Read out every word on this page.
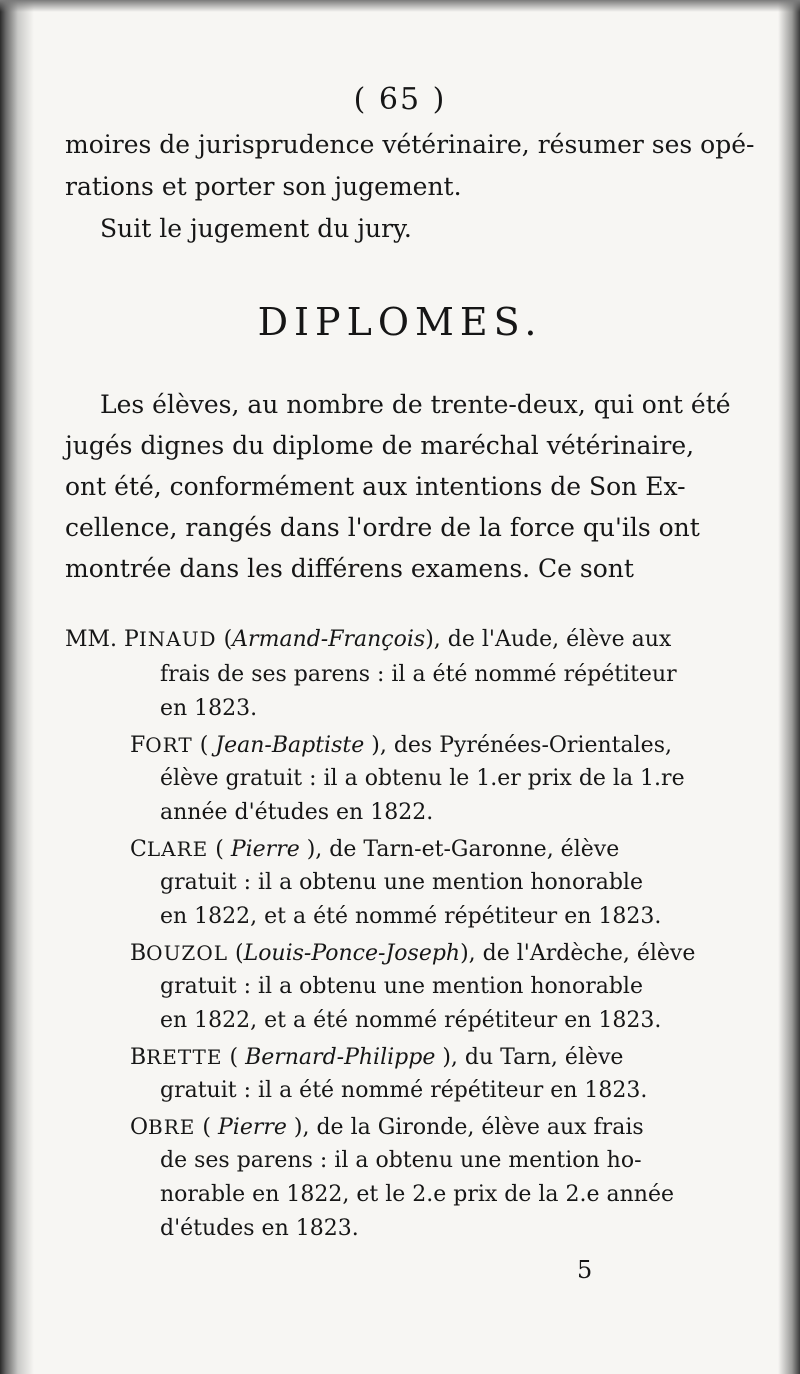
( 65 )
moires de jurisprudence vétérinaire, résumer ses opé-
rations et porter son jugement.
Suit le jugement du jury.
DIPLOMES.
Les élèves, au nombre de trente-deux, qui ont été
jugés dignes du diplome de maréchal vétérinaire,
ont été, conformément aux intentions de Son Ex-
cellence, rangés dans l'ordre de la force qu'ils ont
montrée dans les différens examens. Ce sont
MM. PINAUD (Armand-François), de l'Aude, élève aux
frais de ses parens : il a été nommé répétiteur
en 1823.
FORT ( Jean-Baptiste ), des Pyrénées-Orientales,
élève gratuit : il a obtenu le 1.er prix de la 1.re
année d'études en 1822.
CLARE ( Pierre ), de Tarn-et-Garonne, élève
gratuit : il a obtenu une mention honorable
en 1822, et a été nommé répétiteur en 1823.
BOUZOL (Louis-Ponce-Joseph), de l'Ardèche, élève
gratuit : il a obtenu une mention honorable
en 1822, et a été nommé répétiteur en 1823.
BRETTE ( Bernard-Philippe ), du Tarn, élève
gratuit : il a été nommé répétiteur en 1823.
OBRE ( Pierre ), de la Gironde, élève aux frais
de ses parens : il a obtenu une mention ho-
norable en 1822, et le 2.e prix de la 2.e année
d'études en 1823.
5
